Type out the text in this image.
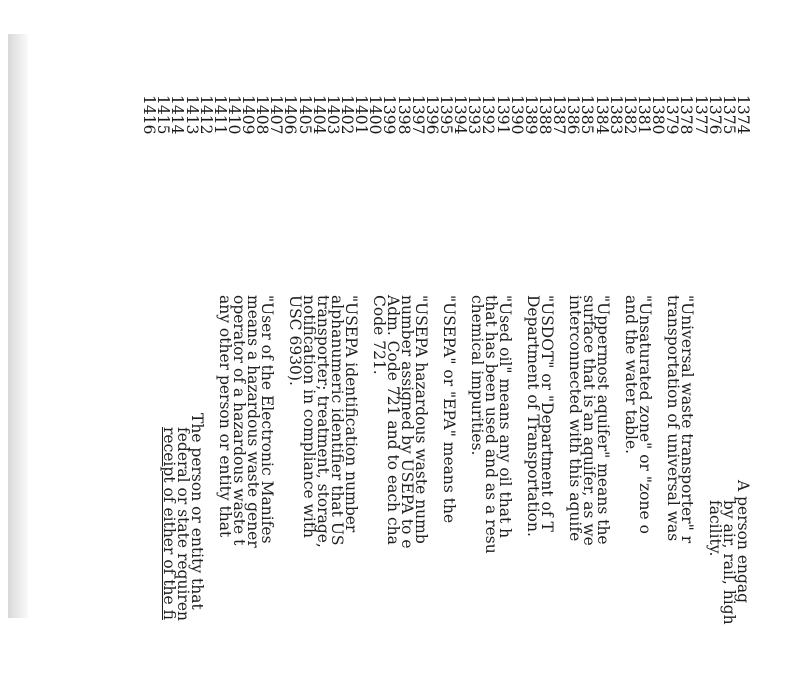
1374
1375
1376
1377
1378
1379
1380
1381
1382
1383
1384
1385
1386
1387
1388
1389
1390
1391
1392
1393
1394
1395
1396
1397
1398
1399
1400
1401
1402
1403
1404
1405
1406
1407
1408
1409
1410
1411
1412
1413
1414
1415
1416
A person engag
by air, rail, high
facility.
"Universal waste transporter" r
transportation of universal was
"Unsaturated zone" or "zone o
and the water table.
"Uppermost aquifer" means the
surface that is an aquifer, as we
interconnected with this aquife
"USDOT" or "Department of T
Department of Transportation.
"Used oil" means any oil that h
that has been used and as a resu
chemical impurities.
"USEPA" or "EPA" means the
"USEPA hazardous waste numb
number assigned by USEPA to e
Adm. Code 721 and to each cha
Code 721.
"USEPA identification number
alphanumeric identifier that US
transporter; treatment, storage,
notification in compliance with
USC 6930).
"User of the Electronic Manifes
means a hazardous waste gener
operator of a hazardous waste t
any other person or entity that
The person or entity that
federal or state requiren
receipt of either of the fi
